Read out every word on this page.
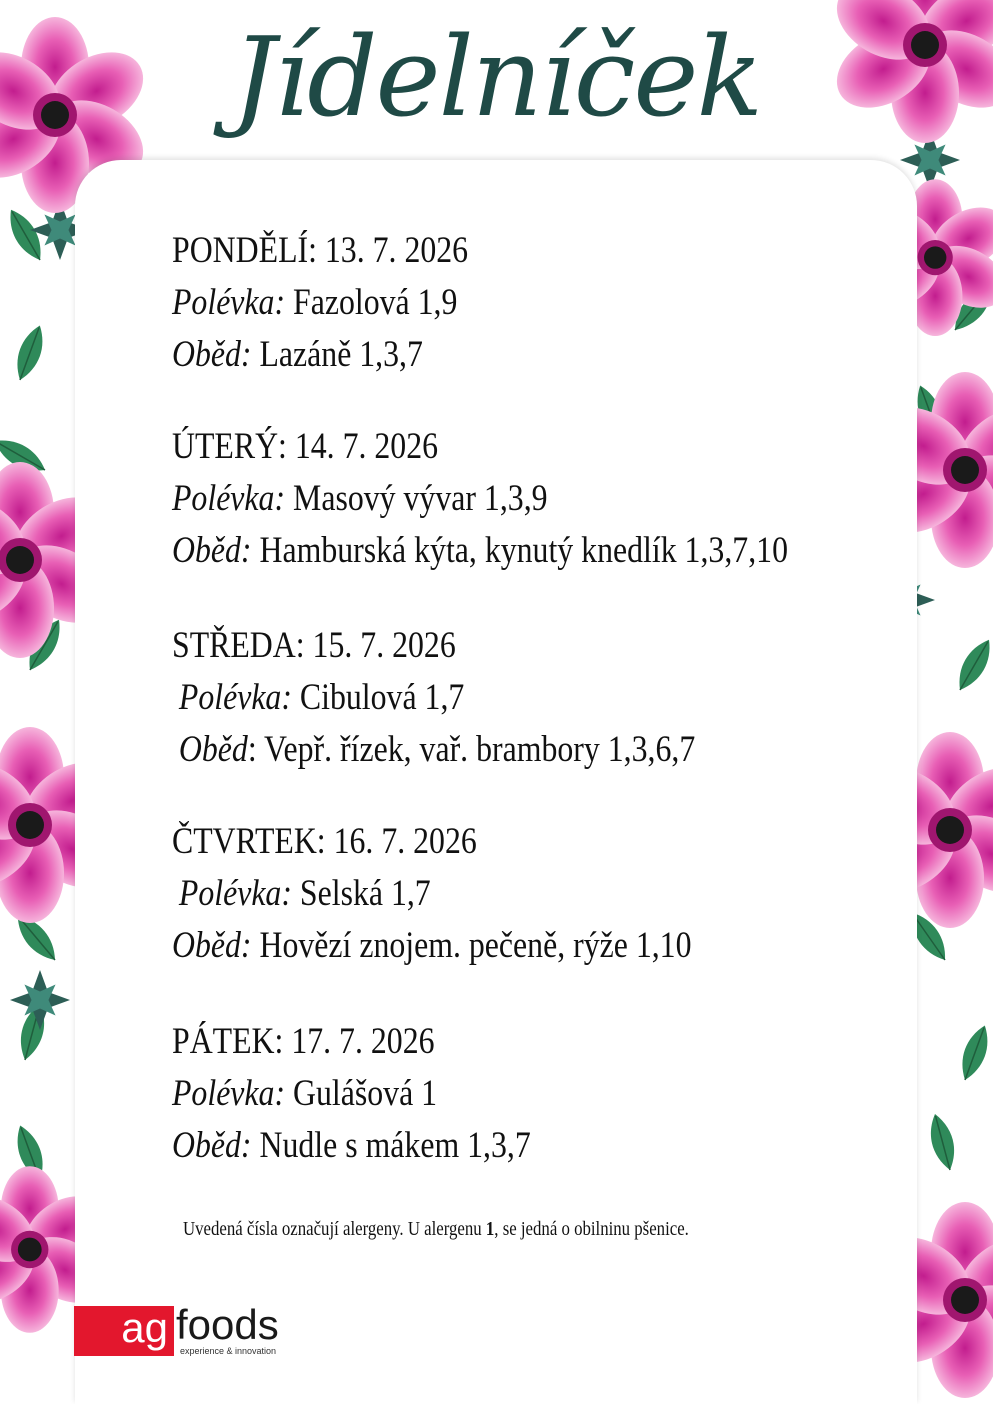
Jídelníček
PONDĚLÍ: 13. 7. 2026
Polévka: Fazolová 1,9
Oběd: Lazáně 1,3,7
ÚTERÝ: 14. 7. 2026
Polévka: Masový vývar 1,3,9
Oběd: Hamburská kýta, kynutý knedlík 1,3,7,10
STŘEDA: 15. 7. 2026
Polévka: Cibulová 1,7
Oběd: Vepř. řízek, vař. brambory 1,3,6,7
ČTVRTEK: 16. 7. 2026
Polévka: Selská 1,7
Oběd: Hovězí znojem. pečeně, rýže 1,10
PÁTEK: 17. 7. 2026
Polévka: Gulášová 1
Oběd: Nudle s mákem 1,3,7
Uvedená čísla označují alergeny. U alergenu 1, se jedná o obilninu pšenice.
ag foods
experience & innovation
